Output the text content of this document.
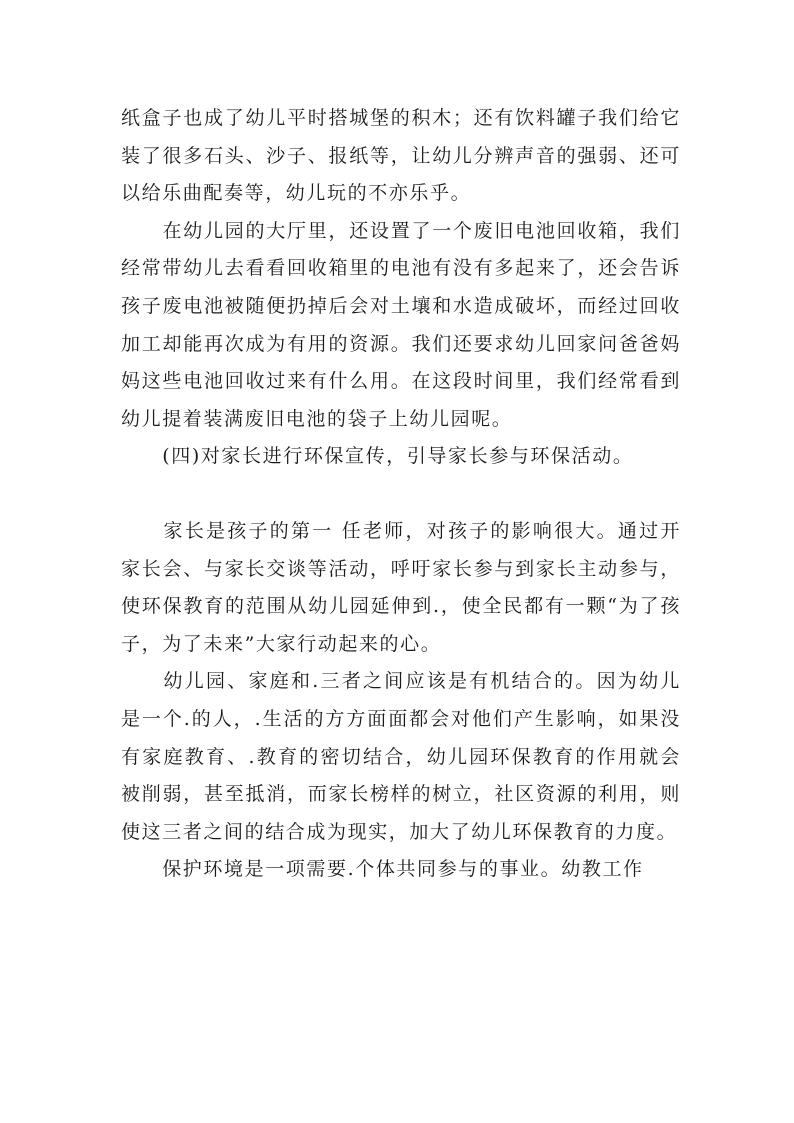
纸盒子也成了幼儿平时搭城堡的积木；还有饮料罐子我们给它装了很多石头、沙子、报纸等，让幼儿分辨声音的强弱、还可以给乐曲配奏等，幼儿玩的不亦乐乎。

　　在幼儿园的大厅里，还设置了一个废旧电池回收箱，我们经常带幼儿去看看回收箱里的电池有没有多起来了，还会告诉孩子废电池被随便扔掉后会对土壤和水造成破坏，而经过回收加工却能再次成为有用的资源。我们还要求幼儿回家问爸爸妈妈这些电池回收过来有什么用。在这段时间里，我们经常看到幼儿提着装满废旧电池的袋子上幼儿园呢。

　　(四)对家长进行环保宣传，引导家长参与环保活动。

　　家长是孩子的第一 任老师，对孩子的影响很大。通过开家长会、与家长交谈等活动，呼吁家长参与到家长主动参与，使环保教育的范围从幼儿园延伸到.，使全民都有一颗“为了孩子，为了未来”大家行动起来的心。

　　幼儿园、家庭和.三者之间应该是有机结合的。因为幼儿是一个.的人，.生活的方方面面都会对他们产生影响，如果没有家庭教育、.教育的密切结合，幼儿园环保教育的作用就会被削弱，甚至抵消，而家长榜样的树立，社区资源的利用，则使这三者之间的结合成为现实，加大了幼儿环保教育的力度。

　　保护环境是一项需要.个体共同参与的事业。幼教工作
